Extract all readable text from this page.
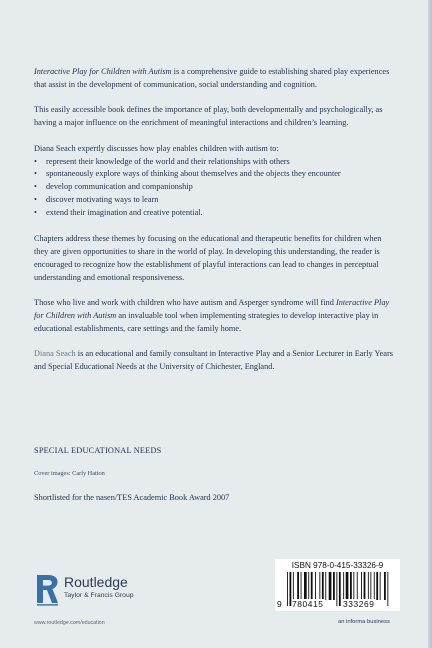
Interactive Play for Children with Autism is a comprehensive guide to establishing shared play experiences that assist in the development of communication, social understanding and cognition.

This easily accessible book defines the importance of play, both developmentally and psychologically, as having a major influence on the enrichment of meaningful interactions and children’s learning.

Diana Seach expertly discusses how play enables children with autism to:

• represent their knowledge of the world and their relationships with others
• spontaneously explore ways of thinking about themselves and the objects they encounter
• develop communication and companionship
• discover motivating ways to learn
• extend their imagination and creative potential.

Chapters address these themes by focusing on the educational and therapeutic benefits for children when they are given opportunities to share in the world of play. In developing this understanding, the reader is encouraged to recognize how the establishment of playful interactions can lead to changes in perceptual understanding and emotional responsiveness.

Those who live and work with children who have autism and Asperger syndrome will find Interactive Play for Children with Autism an invaluable tool when implementing strategies to develop interactive play in educational establishments, care settings and the family home.

Diana Seach is an educational and family consultant in Interactive Play and a Senior Lecturer in Early Years and Special Educational Needs at the University of Chichester, England.

SPECIAL EDUCATIONAL NEEDS
Cover images: Carly Hatton
Shortlisted for the nasen/TES Academic Book Award 2007
Routledge
Taylor & Francis Group
www.routledge.com/education
ISBN 978-0-415-33326-9
9 780415 333269
an informa business
